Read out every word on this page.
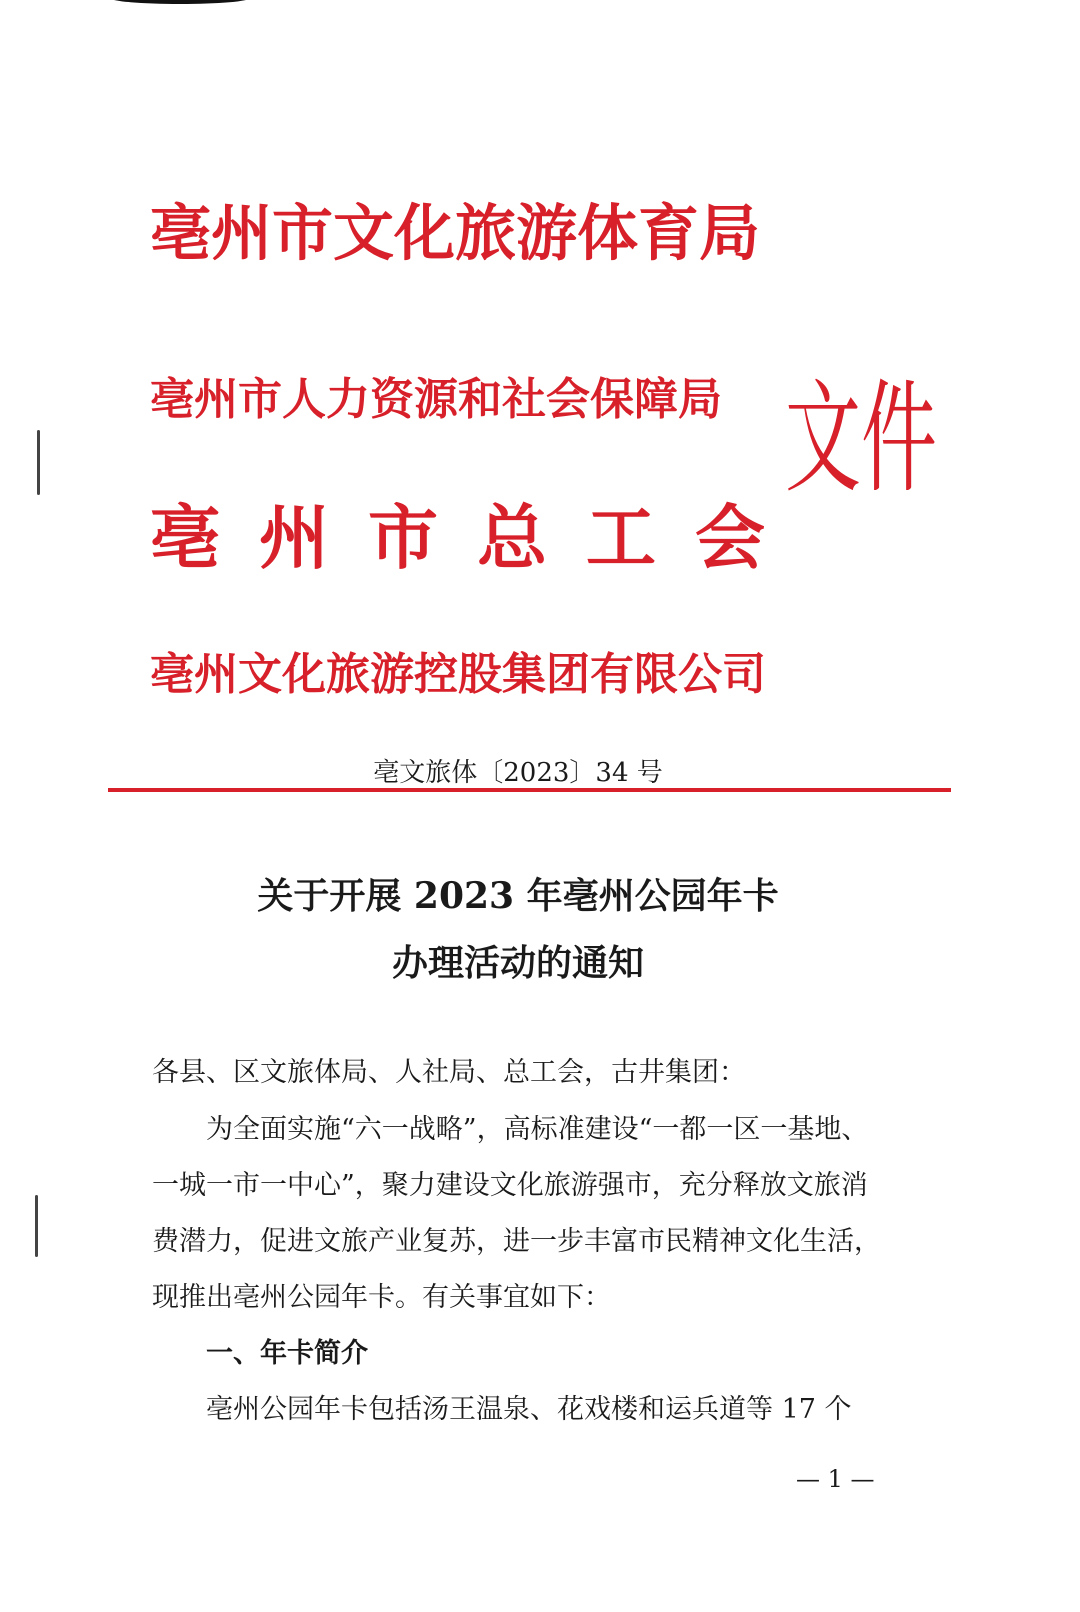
亳州市文化旅游体育局
亳州市人力资源和社会保障局
亳 州 市 总 工 会
亳州文化旅游控股集团有限公司
文件
亳文旅体〔2023〕34 号
关于开展 2023 年亳州公园年卡
办理活动的通知
各县、区文旅体局、人社局、总工会，古井集团：
为全面实施“六一战略”，高标准建设“一都一区一基地、
一城一市一中心”，聚力建设文化旅游强市，充分释放文旅消
费潜力，促进文旅产业复苏，进一步丰富市民精神文化生活，
现推出亳州公园年卡。有关事宜如下：
一、年卡简介
亳州公园年卡包括汤王温泉、花戏楼和运兵道等 17 个
— 1 —
